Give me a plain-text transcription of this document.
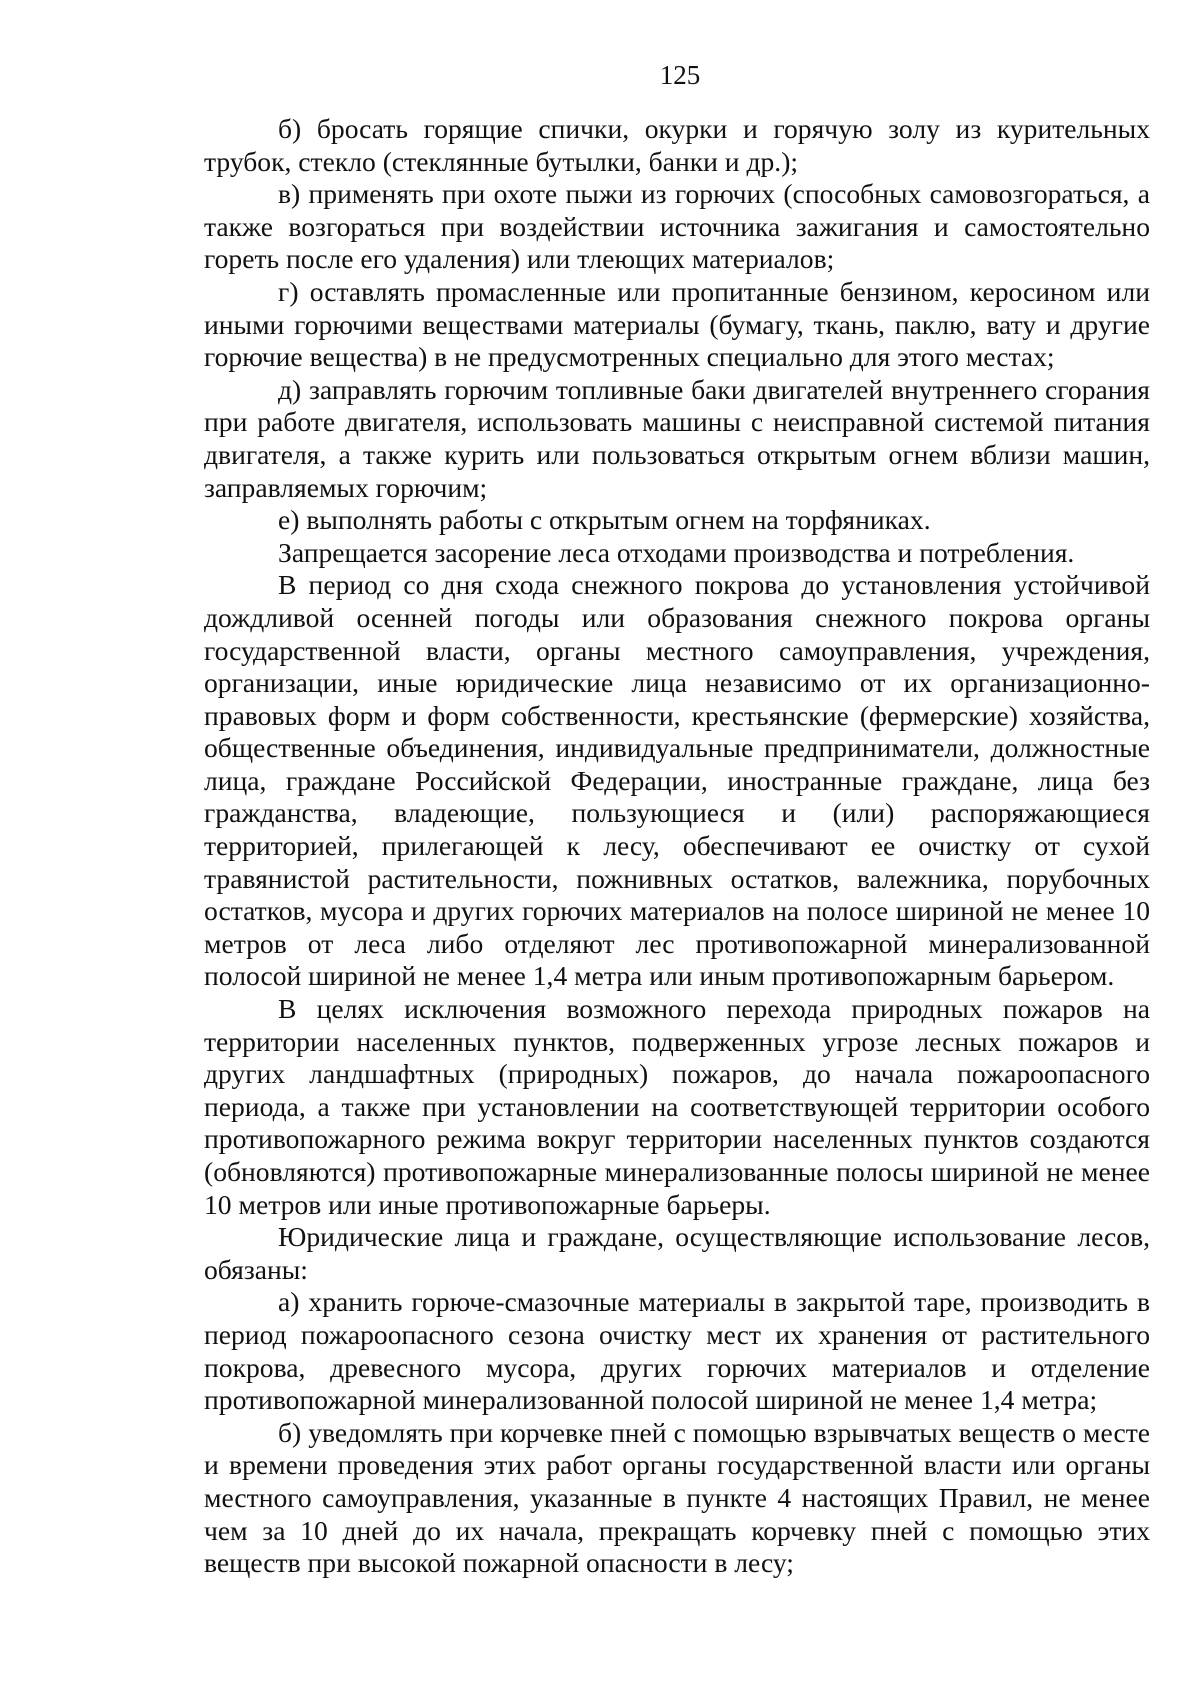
125

б) бросать горящие спички, окурки и горячую золу из курительных трубок, стекло (стеклянные бутылки, банки и др.);

в) применять при охоте пыжи из горючих (способных самовозгораться, а также возгораться при воздействии источника зажигания и самостоятельно гореть после его удаления) или тлеющих материалов;

г) оставлять промасленные или пропитанные бензином, керосином или иными горючими веществами материалы (бумагу, ткань, паклю, вату и другие горючие вещества) в не предусмотренных специально для этого местах;

д) заправлять горючим топливные баки двигателей внутреннего сгорания при работе двигателя, использовать машины с неисправной системой питания двигателя, а также курить или пользоваться открытым огнем вблизи машин, заправляемых горючим;

е) выполнять работы с открытым огнем на торфяниках.

Запрещается засорение леса отходами производства и потребления.

В период со дня схода снежного покрова до установления устойчивой дождливой осенней погоды или образования снежного покрова органы государственной власти, органы местного самоуправления, учреждения, организации, иные юридические лица независимо от их организационно-правовых форм и форм собственности, крестьянские (фермерские) хозяйства, общественные объединения, индивидуальные предприниматели, должностные лица, граждане Российской Федерации, иностранные граждане, лица без гражданства, владеющие, пользующиеся и (или) распоряжающиеся территорией, прилегающей к лесу, обеспечивают ее очистку от сухой травянистой растительности, пожнивных остатков, валежника, порубочных остатков, мусора и других горючих материалов на полосе шириной не менее 10 метров от леса либо отделяют лес противопожарной минерализованной полосой шириной не менее 1,4 метра или иным противопожарным барьером.

В целях исключения возможного перехода природных пожаров на территории населенных пунктов, подверженных угрозе лесных пожаров и других ландшафтных (природных) пожаров, до начала пожароопасного периода, а также при установлении на соответствующей территории особого противопожарного режима вокруг территории населенных пунктов создаются (обновляются) противопожарные минерализованные полосы шириной не менее 10 метров или иные противопожарные барьеры.

Юридические лица и граждане, осуществляющие использование лесов, обязаны:

а) хранить горюче-смазочные материалы в закрытой таре, производить в период пожароопасного сезона очистку мест их хранения от растительного покрова, древесного мусора, других горючих материалов и отделение противопожарной минерализованной полосой шириной не менее 1,4 метра;

б) уведомлять при корчевке пней с помощью взрывчатых веществ о месте и времени проведения этих работ органы государственной власти или органы местного самоуправления, указанные в пункте 4 настоящих Правил, не менее чем за 10 дней до их начала, прекращать корчевку пней с помощью этих веществ при высокой пожарной опасности в лесу;
